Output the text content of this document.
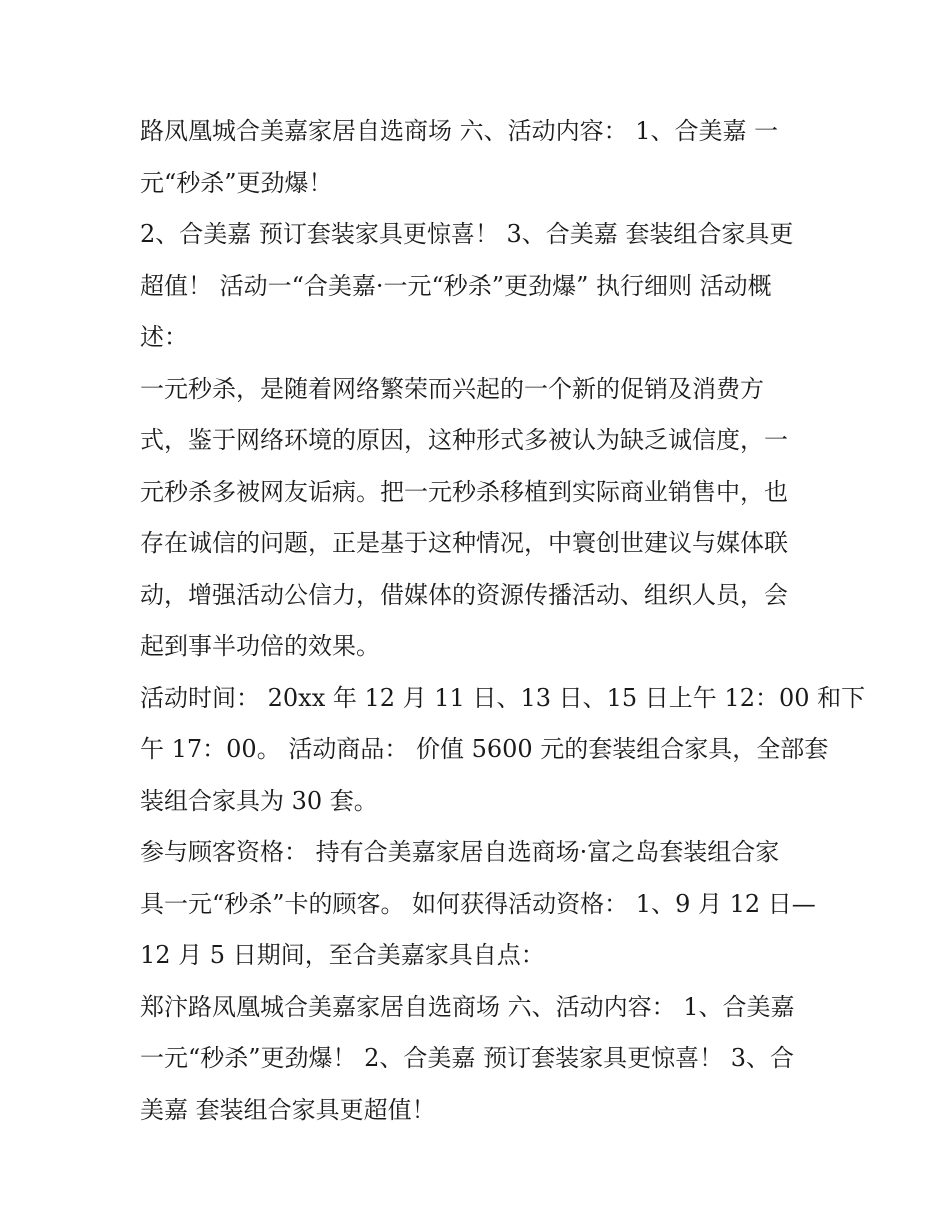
路凤凰城合美嘉家居自选商场 六、活动内容： 1、合美嘉 一
元“秒杀”更劲爆！
2、合美嘉 预订套装家具更惊喜！ 3、合美嘉 套装组合家具更
超值！ 活动一“合美嘉·一元“秒杀”更劲爆” 执行细则 活动概
述：
一元秒杀，是随着网络繁荣而兴起的一个新的促销及消费方
式，鉴于网络环境的原因，这种形式多被认为缺乏诚信度，一
元秒杀多被网友诟病。把一元秒杀移植到实际商业销售中，也
存在诚信的问题，正是基于这种情况，中寰创世建议与媒体联
动，增强活动公信力，借媒体的资源传播活动、组织人员，会
起到事半功倍的效果。
活动时间： 20xx 年 12 月 11 日、13 日、15 日上午 12：00 和下
午 17：00。 活动商品： 价值 5600 元的套装组合家具，全部套
装组合家具为 30 套。
参与顾客资格： 持有合美嘉家居自选商场·富之岛套装组合家
具一元“秒杀”卡的顾客。 如何获得活动资格： 1、9 月 12 日—
12 月 5 日期间，至合美嘉家具自点：
郑汴路凤凰城合美嘉家居自选商场 六、活动内容： 1、合美嘉
一元“秒杀”更劲爆！ 2、合美嘉 预订套装家具更惊喜！ 3、合
美嘉 套装组合家具更超值！
